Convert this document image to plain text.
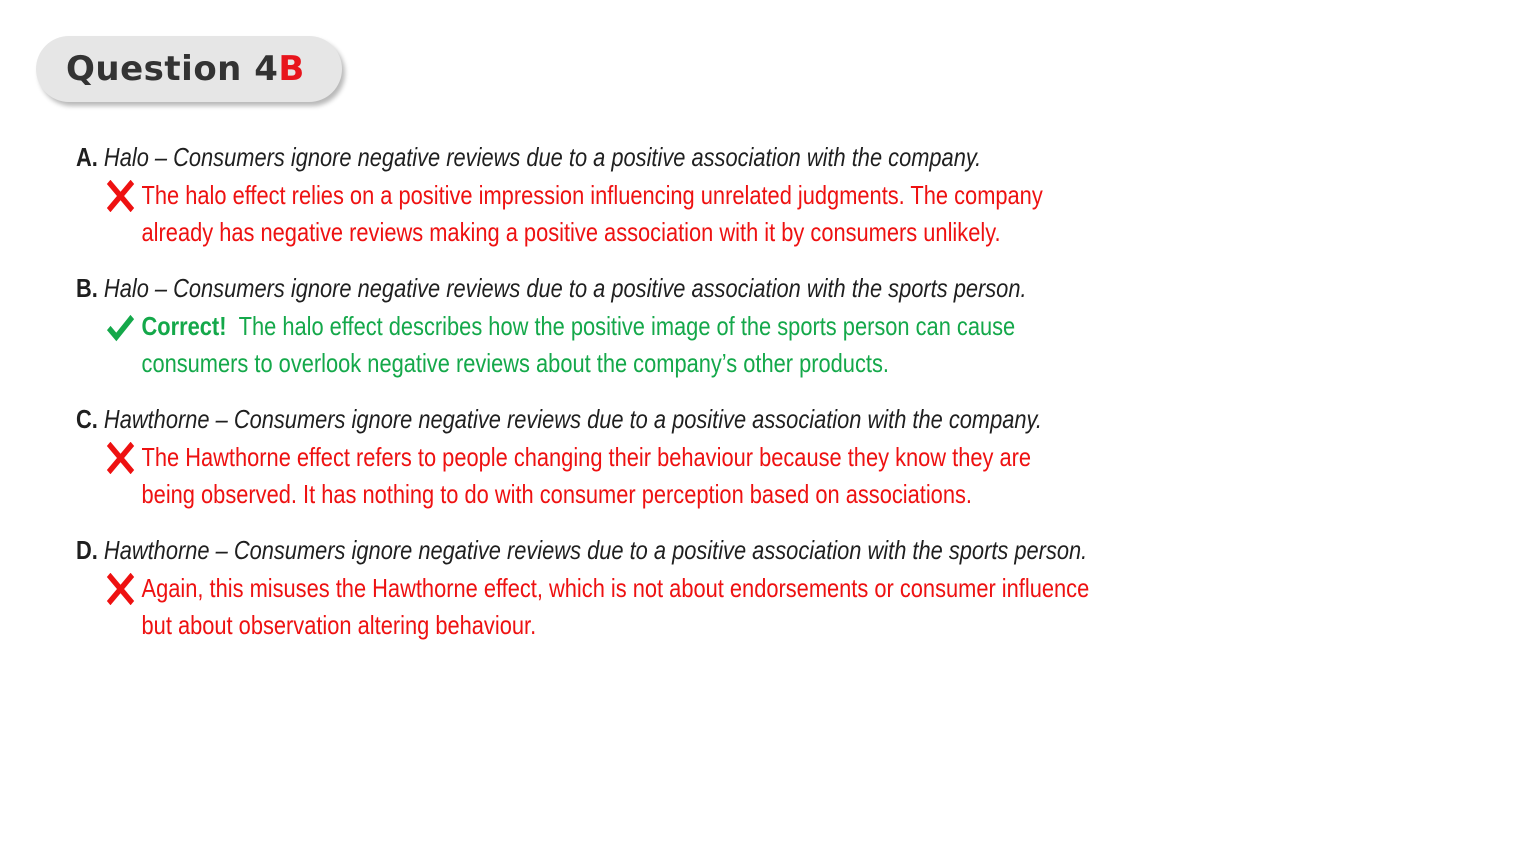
Question 4B
A. Halo – Consumers ignore negative reviews due to a positive association with the company.
The halo effect relies on a positive impression influencing unrelated judgments. The company
already has negative reviews making a positive association with it by consumers unlikely.
B. Halo – Consumers ignore negative reviews due to a positive association with the sports person.
Correct! The halo effect describes how the positive image of the sports person can cause
consumers to overlook negative reviews about the company’s other products.
C. Hawthorne – Consumers ignore negative reviews due to a positive association with the company.
The Hawthorne effect refers to people changing their behaviour because they know they are
being observed. It has nothing to do with consumer perception based on associations.
D. Hawthorne – Consumers ignore negative reviews due to a positive association with the sports person.
Again, this misuses the Hawthorne effect, which is not about endorsements or consumer influence
but about observation altering behaviour.
